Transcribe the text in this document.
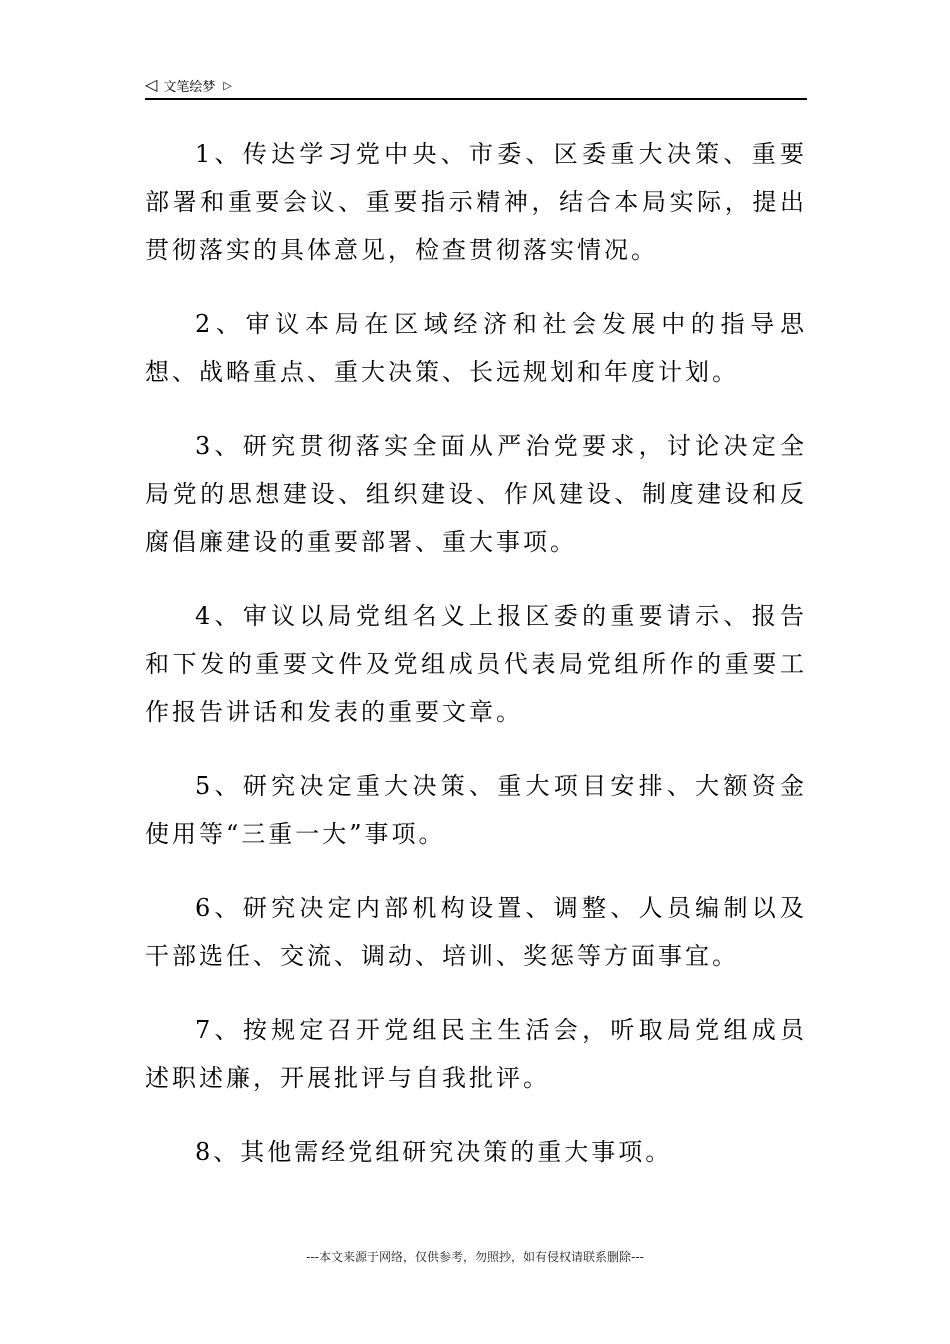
◁ 文笔绘梦 ▷

1、传达学习党中央、市委、区委重大决策、重要部署和重要会议、重要指示精神，结合本局实际，提出贯彻落实的具体意见，检查贯彻落实情况。

2、审议本局在区域经济和社会发展中的指导思想、战略重点、重大决策、长远规划和年度计划。

3、研究贯彻落实全面从严治党要求，讨论决定全局党的思想建设、组织建设、作风建设、制度建设和反腐倡廉建设的重要部署、重大事项。

4、审议以局党组名义上报区委的重要请示、报告和下发的重要文件及党组成员代表局党组所作的重要工作报告讲话和发表的重要文章。

5、研究决定重大决策、重大项目安排、大额资金使用等“三重一大”事项。

6、研究决定内部机构设置、调整、人员编制以及干部选任、交流、调动、培训、奖惩等方面事宜。

7、按规定召开党组民主生活会，听取局党组成员述职述廉，开展批评与自我批评。

8、其他需经党组研究决策的重大事项。

---本文来源于网络，仅供参考，勿照抄，如有侵权请联系删除---
